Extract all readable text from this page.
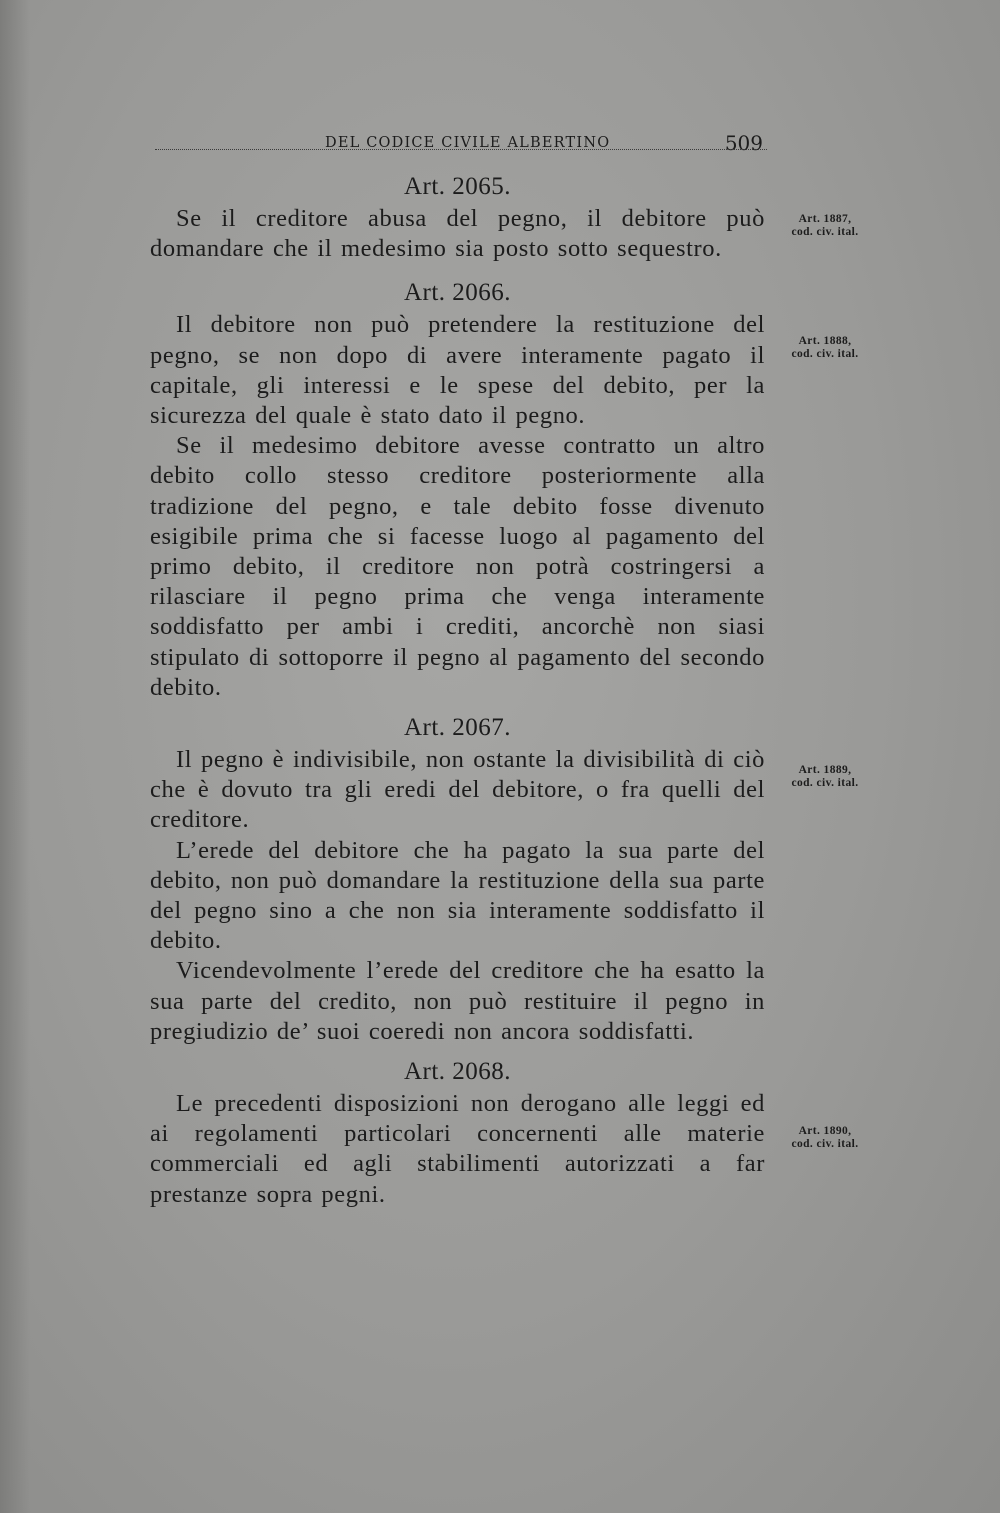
DEL CODICE CIVILE ALBERTINO	509
Art. 2065.

Se il creditore abusa del pegno, il debitore può domandare che il medesimo sia posto sotto sequestro.

Art. 2066.

Il debitore non può pretendere la restituzione del pegno, se non dopo di avere interamente pagato il capitale, gli interessi e le spese del debito, per la sicurezza del quale è stato dato il pegno.

Se il medesimo debitore avesse contratto un altro debito collo stesso creditore posteriormente alla tradizione del pegno, e tale debito fosse divenuto esigibile prima che si facesse luogo al pagamento del primo debito, il creditore non potrà costringersi a rilasciare il pegno prima che venga interamente soddisfatto per ambi i crediti, ancorchè non siasi stipulato di sottoporre il pegno al pagamento del secondo debito.

Art. 2067.

Il pegno è indivisibile, non ostante la divisibilità di ciò che è dovuto tra gli eredi del debitore, o fra quelli del creditore.

L’erede del debitore che ha pagato la sua parte del debito, non può domandare la restituzione della sua parte del pegno sino a che non sia interamente soddisfatto il debito.

Vicendevolmente l’erede del creditore che ha esatto la sua parte del credito, non può restituire il pegno in pregiudizio de’ suoi coeredi non ancora soddisfatti.

Art. 2068.

Le precedenti disposizioni non derogano alle leggi ed ai regolamenti particolari concernenti alle materie commerciali ed agli stabilimenti autorizzati a far prestanze sopra pegni.

Art. 1887,
cod. civ. ital.
Art. 1888,
cod. civ. ital.
Art. 1889,
cod. civ. ital.
Art. 1890,
cod. civ. ital.
